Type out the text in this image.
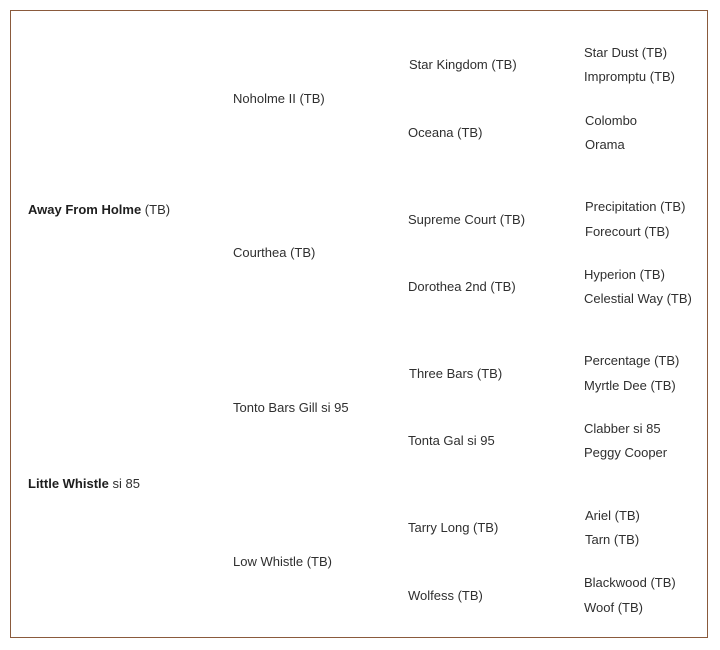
Away From Holme (TB)
Little Whistle si 85
Noholme II (TB)
Courthea (TB)
Tonto Bars Gill si 95
Low Whistle (TB)
Star Kingdom (TB)
Oceana (TB)
Supreme Court (TB)
Dorothea 2nd (TB)
Three Bars (TB)
Tonta Gal si 95
Tarry Long (TB)
Wolfess (TB)
Star Dust (TB)
Impromptu (TB)
Colombo
Orama
Precipitation (TB)
Forecourt (TB)
Hyperion (TB)
Celestial Way (TB)
Percentage (TB)
Myrtle Dee (TB)
Clabber si 85
Peggy Cooper
Ariel (TB)
Tarn (TB)
Blackwood (TB)
Woof (TB)
